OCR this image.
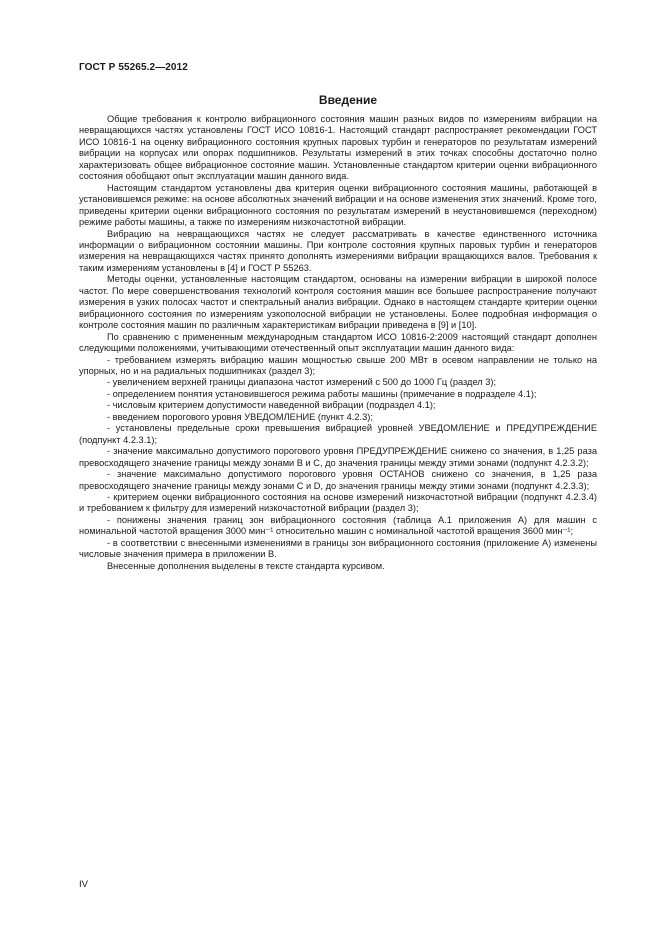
ГОСТ Р 55265.2—2012
Введение

Общие требования к контролю вибрационного состояния машин разных видов по измерениям вибрации на невращающихся частях установлены ГОСТ ИСО 10816-1. Настоящий стандарт распространяет рекомендации ГОСТ ИСО 10816-1 на оценку вибрационного состояния крупных паровых турбин и генераторов по результатам измерений вибрации на корпусах или опорах подшипников. Результаты измерений в этих точках способны достаточно полно характеризовать общее вибрационное состояние машин. Установленные стандартом критерии оценки вибрационного состояния обобщают опыт эксплуатации машин данного вида.

Настоящим стандартом установлены два критерия оценки вибрационного состояния машины, работающей в установившемся режиме: на основе абсолютных значений вибрации и на основе изменения этих значений. Кроме того, приведены критерии оценки вибрационного состояния по результатам измерений в неустановившемся (переходном) режиме работы машины, а также по измерениям низкочастотной вибрации.

Вибрацию на невращающихся частях не следует рассматривать в качестве единственного источника информации о вибрационном состоянии машины. При контроле состояния крупных паровых турбин и генераторов измерения на невращающихся частях принято дополнять измерениями вибрации вращающихся валов. Требования к таким измерениям установлены в [4] и ГОСТ Р 55263.

Методы оценки, установленные настоящим стандартом, основаны на измерении вибрации в широкой полосе частот. По мере совершенствования технологий контроля состояния машин все большее распространение получают измерения в узких полосах частот и спектральный анализ вибрации. Однако в настоящем стандарте критерии оценки вибрационного состояния по измерениям узкополосной вибрации не установлены. Более подробная информация о контроле состояния машин по различным характеристикам вибрации приведена в [9] и [10].

По сравнению с примененным международным стандартом ИСО 10816-2:2009 настоящий стандарт дополнен следующими положениями, учитывающими отечественный опыт эксплуатации машин данного вида:

- требованием измерять вибрацию машин мощностью свыше 200 МВт в осевом направлении не только на упорных, но и на радиальных подшипниках (раздел 3);

- увеличением верхней границы диапазона частот измерений с 500 до 1000 Гц (раздел 3);

- определением понятия установившегося режима работы машины (примечание в подразделе 4.1);

- числовым критерием допустимости наведенной вибрации (подраздел 4.1);

- введением порогового уровня УВЕДОМЛЕНИЕ (пункт 4.2.3);

- установлены предельные сроки превышения вибрацией уровней УВЕДОМЛЕНИЕ и ПРЕДУПРЕЖДЕНИЕ (подпункт 4.2.3.1);

- значение максимально допустимого порогового уровня ПРЕДУПРЕЖДЕНИЕ снижено со значения, в 1,25 раза превосходящего значение границы между зонами В и С, до значения границы между этими зонами (подпункт 4.2.3.2);

- значение максимально допустимого порогового уровня ОСТАНОВ снижено со значения, в 1,25 раза превосходящего значение границы между зонами С и D, до значения границы между этими зонами (подпункт 4.2.3.3);

- критерием оценки вибрационного состояния на основе измерений низкочастотной вибрации (подпункт 4.2.3.4) и требованием к фильтру для измерений низкочастотной вибрации (раздел 3);

- понижены значения границ зон вибрационного состояния (таблица А.1 приложения А) для машин с номинальной частотой вращения 3000 мин⁻¹ относительно машин с номинальной частотой вращения 3600 мин⁻¹;

- в соответствии с внесенными изменениями в границы зон вибрационного состояния (приложение А) изменены числовые значения примера в приложении В.

Внесенные дополнения выделены в тексте стандарта курсивом.

IV
